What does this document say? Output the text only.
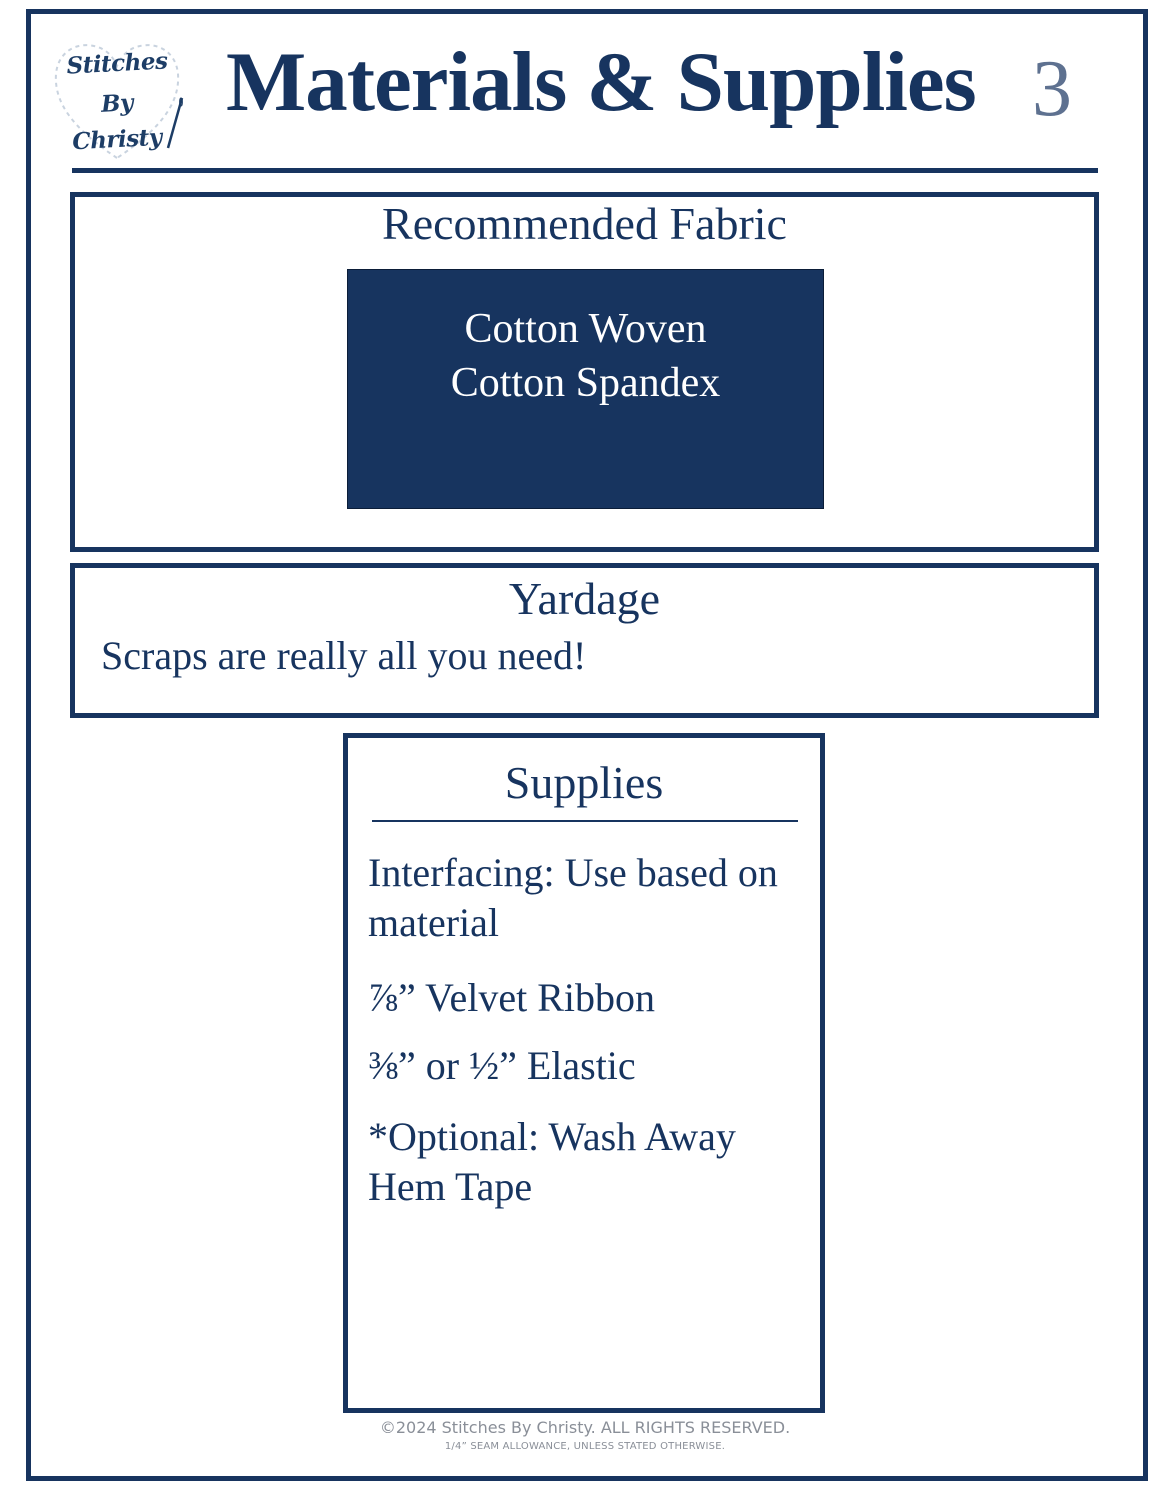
Stitches
By
Christy
Materials & Supplies 3
Recommended Fabric
Cotton Woven
Cotton Spandex
Yardage
Scraps are really all you need!
Supplies
Interfacing: Use based on material
⅞” Velvet Ribbon
⅜” or ½” Elastic
*Optional: Wash Away Hem Tape
©2024 Stitches By Christy. ALL RIGHTS RESERVED.
1/4” SEAM ALLOWANCE, UNLESS STATED OTHERWISE.
